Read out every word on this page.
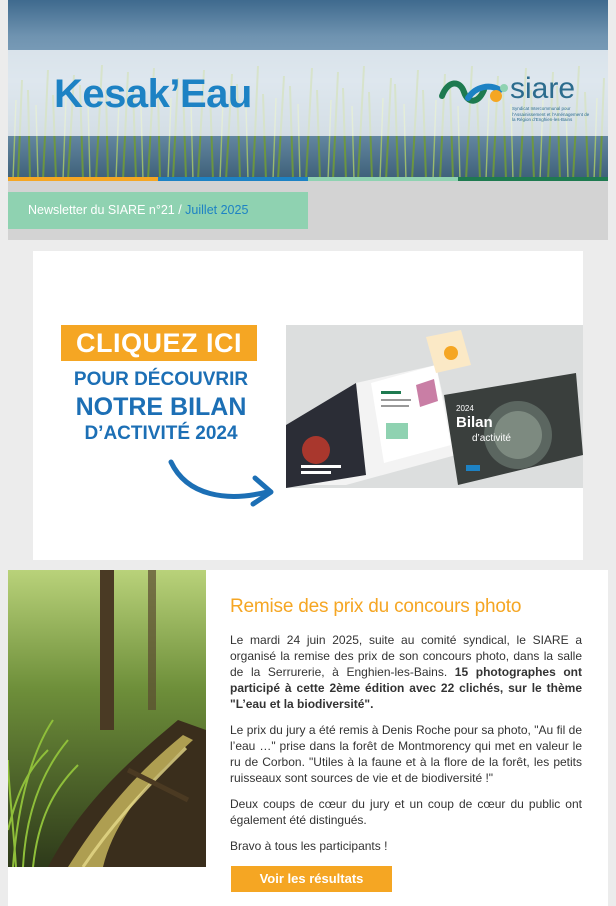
Kesak’Eau	siare
Syndicat Intercommunal pour l’Assainissement et l’Aménagement de la Région d’Enghien-les-Bains
Newsletter du SIARE n°21 / Juillet 2025
CLIQUEZ ICI
POUR DÉCOUVRIR
NOTRE BILAN
D’ACTIVITÉ 2024
2024
Bilan
d’activité
Remise des prix du concours photo

Le mardi 24 juin 2025, suite au comité syndical, le SIARE a organisé la remise des prix de son concours photo, dans la salle de la Serrurerie, à Enghien-les-Bains. 15 photographes ont participé à cette 2ème édition avec 22 clichés, sur le thème "L’eau et la biodiversité".

Le prix du jury a été remis à Denis Roche pour sa photo, "Au fil de l’eau …" prise dans la forêt de Montmorency qui met en valeur le ru de Corbon. "Utiles à la faune et à la flore de la forêt, les petits ruisseaux sont sources de vie et de biodiversité !"

Deux coups de cœur du jury et un coup de cœur du public ont également été distingués.

Bravo à tous les participants !

Voir les résultats
